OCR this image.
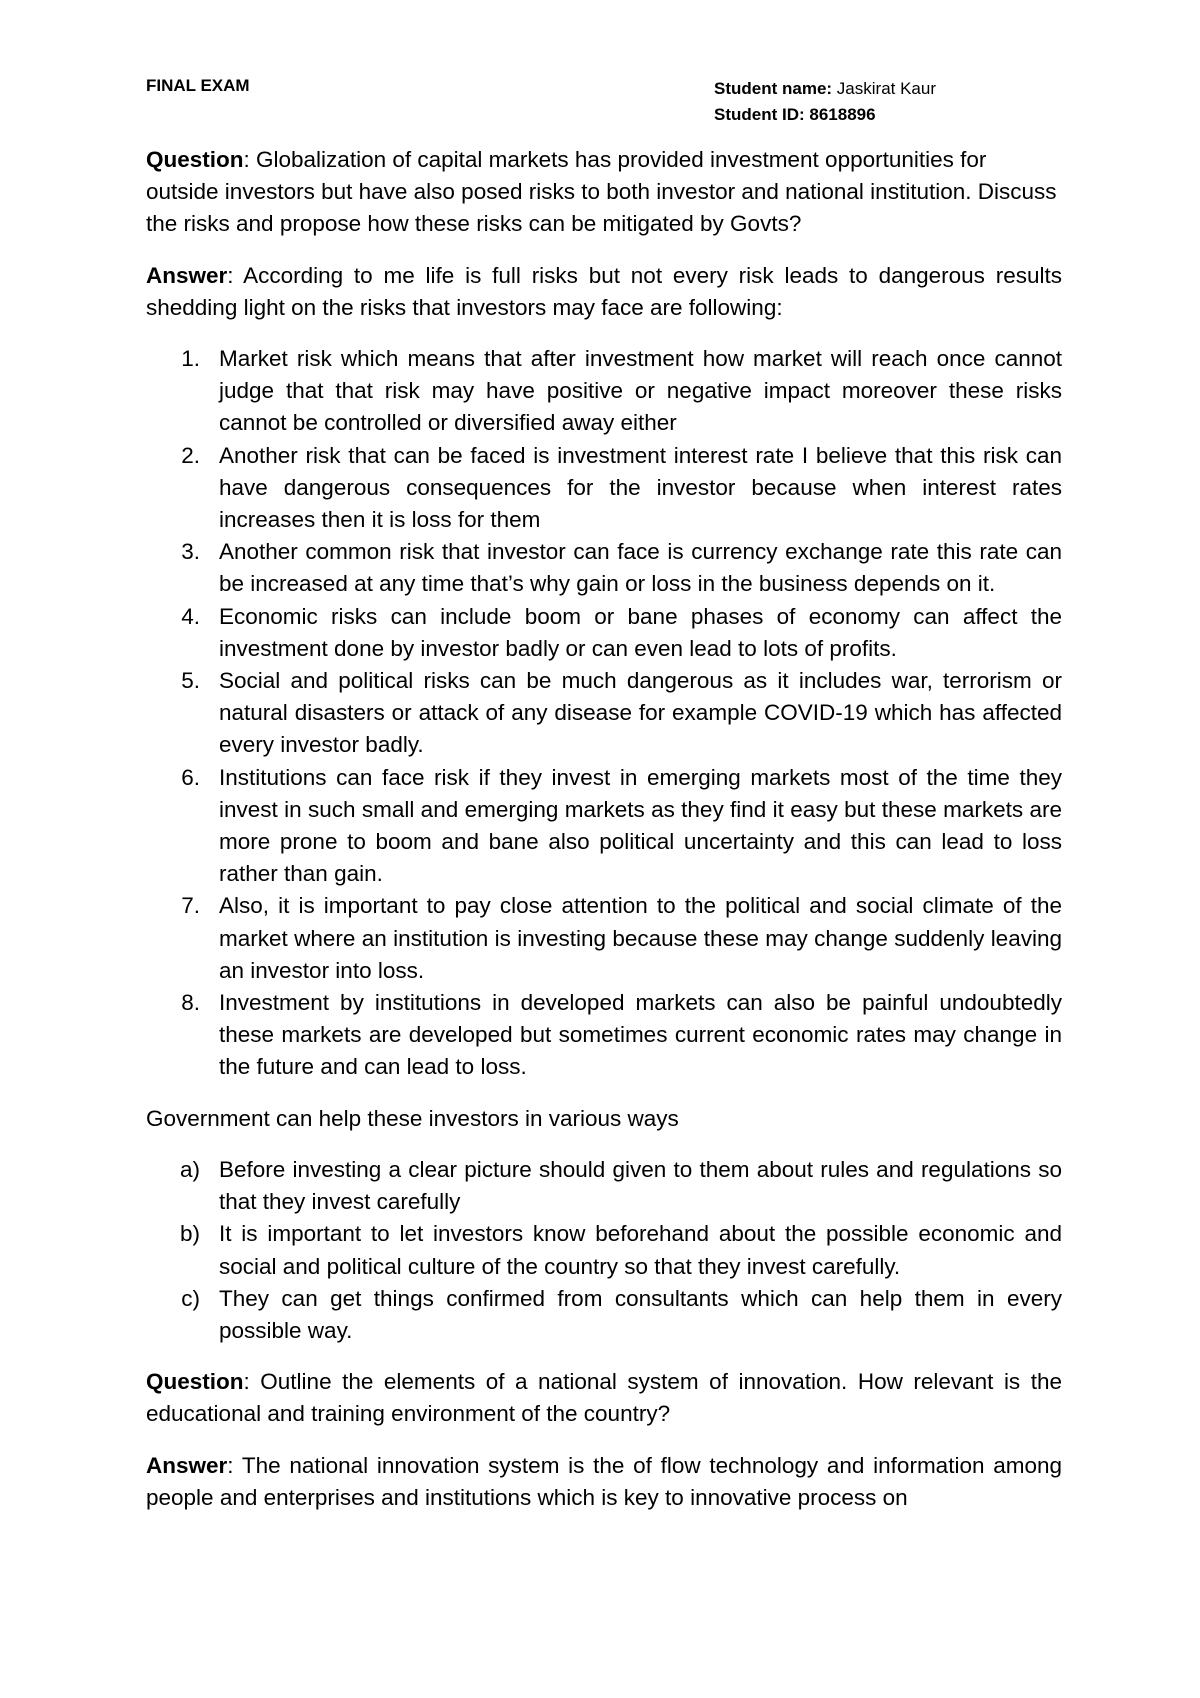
FINAL EXAM	Student name: Jaskirat Kaur
Student ID: 8618896

Question: Globalization of capital markets has provided investment opportunities for outside investors but have also posed risks to both investor and national institution. Discuss the risks and propose how these risks can be mitigated by Govts?

Answer: According to me life is full risks but not every risk leads to dangerous results shedding light on the risks that investors may face are following:

1. Market risk which means that after investment how market will reach once cannot judge that that risk may have positive or negative impact moreover these risks cannot be controlled or diversified away either
2. Another risk that can be faced is investment interest rate I believe that this risk can have dangerous consequences for the investor because when interest rates increases then it is loss for them
3. Another common risk that investor can face is currency exchange rate this rate can be increased at any time that’s why gain or loss in the business depends on it.
4. Economic risks can include boom or bane phases of economy can affect the investment done by investor badly or can even lead to lots of profits.
5. Social and political risks can be much dangerous as it includes war, terrorism or natural disasters or attack of any disease for example COVID-19 which has affected every investor badly.
6. Institutions can face risk if they invest in emerging markets most of the time they invest in such small and emerging markets as they find it easy but these markets are more prone to boom and bane also political uncertainty and this can lead to loss rather than gain.
7. Also, it is important to pay close attention to the political and social climate of the market where an institution is investing because these may change suddenly leaving an investor into loss.
8. Investment by institutions in developed markets can also be painful undoubtedly these markets are developed but sometimes current economic rates may change in the future and can lead to loss.

Government can help these investors in various ways

a) Before investing a clear picture should given to them about rules and regulations so that they invest carefully
b) It is important to let investors know beforehand about the possible economic and social and political culture of the country so that they invest carefully.
c) They can get things confirmed from consultants which can help them in every possible way.

Question: Outline the elements of a national system of innovation. How relevant is the educational and training environment of the country?

Answer: The national innovation system is the of flow technology and information among people and enterprises and institutions which is key to innovative process on
